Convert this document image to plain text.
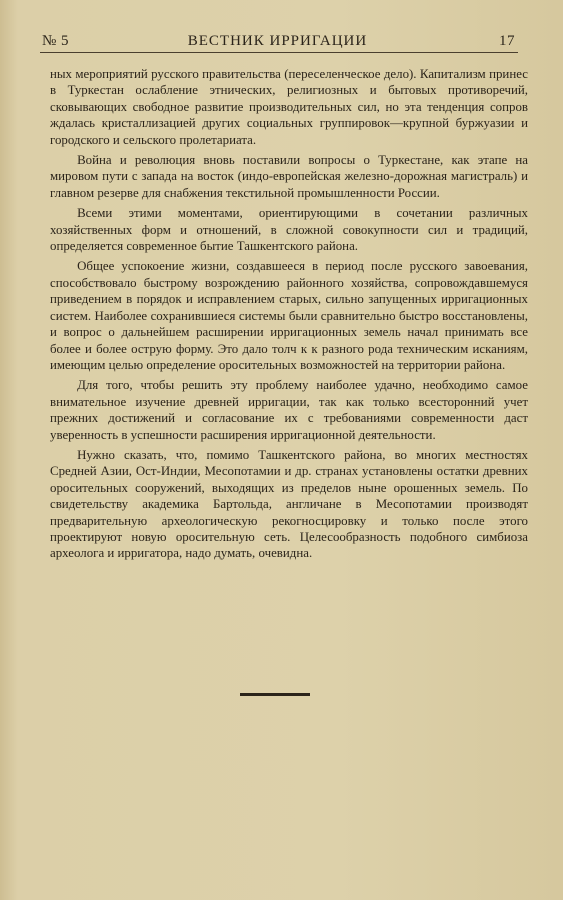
№ 5	ВЕСТНИК ИРРИГАЦИИ	17

ных мероприятий русского правительства (переселенческое дело). Капитализм принес в Туркестан ослабление этнических, религиозных и бытовых противоречий, сковывающих свободное развитие производительных сил, но эта тенденция сопров ждалась кристаллизацией других социальных группировок—крупной буржуазии и городского и сельского пролетариата.

Война и революция вновь поставили вопросы о Туркестане, как этапе на мировом пути с запада на восток (индо-европейская железно-дорожная магистраль) и главном резерве для снабжения текстильной промышленности России.

Всеми этими моментами, ориентирующими в сочетании различных хозяйственных форм и отношений, в сложной совокупности сил и традиций, определяется современное бытие Ташкентского района.

Общее успокоение жизни, создавшееся в период после русского завоевания, способствовало быстрому возрождению районного хозяйства, сопровождавшемуся приведением в порядок и исправлением старых, сильно запущенных ирригационных систем. Наиболее сохранившиеся системы были сравнительно быстро восстановлены, и вопрос о дальнейшем расширении ирригационных земель начал принимать все более и более острую форму. Это дало толч к к разного рода техническим исканиям, имеющим целью определение оросительных возможностей на территории района.

Для того, чтобы решить эту проблему наиболее удачно, необходимо самое внимательное изучение древней ирригации, так как только всесторонний учет прежних достижений и согласование их с требованиями современности даст уверенность в успешности расширения ирригационной деятельности.

Нужно сказать, что, помимо Ташкентского района, во многих местностях Средней Азии, Ост-Индии, Месопотамии и др. странах установлены остатки древних оросительных сооружений, выходящих из пределов ныне орошенных земель. По свидетельству академика Бартольда, англичане в Месопотамии производят предварительную археологическую рекогносцировку и только после этого проектируют новую оросительную сеть. Целесообразность подобного симбиоза археолога и ирригатора, надо думать, очевидна.
